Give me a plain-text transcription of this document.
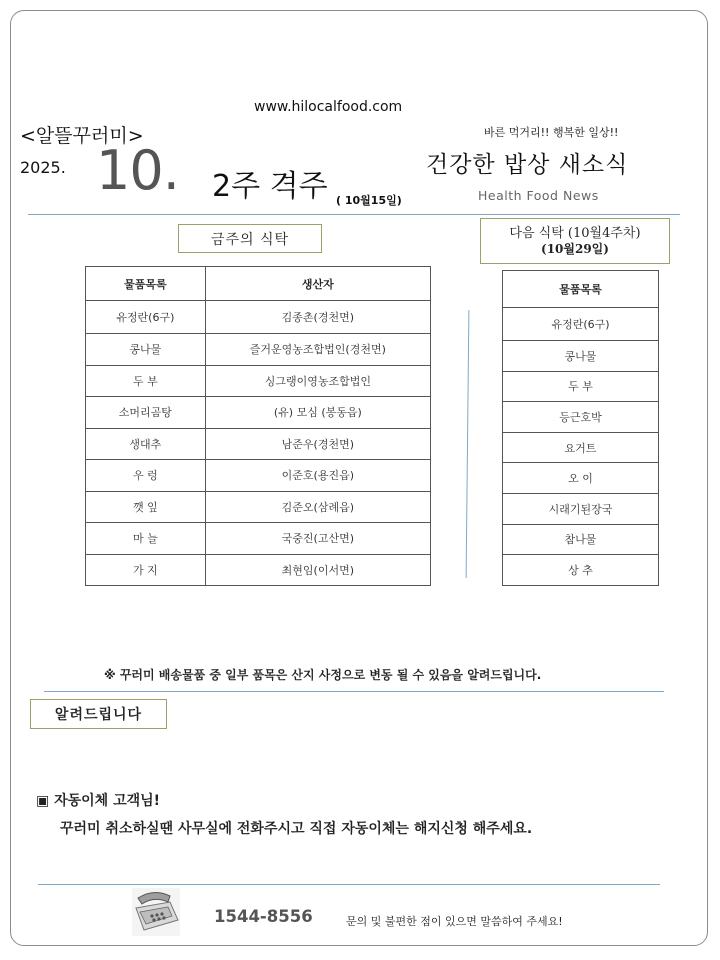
www.hilocalfood.com
<알뜰꾸러미>
2025. 10. 2주 격주 ( 10월15일)
바른 먹거리!! 행복한 일상!!
건강한 밥상 새소식
Health Food News
금주의 식탁	다음 식탁 (10월4주차)
(10월29일)
물품목록	생산자
유정란(6구)	김종촌(경천면)
콩나물	즐거운영농조합법인(경천면)
두 부	싱그랭이영농조합법인
소머리곰탕	(유) 모심 (봉동읍)
생대추	남준우(경천면)
우 렁	이준호(용진읍)
깻 잎	김준오(삼례읍)
마 늘	국중진(고산면)
가 지	최현임(이서면)
물품목록
유정란(6구)
콩나물
두 부
등근호박
요거트
오 이
시래기된장국
참나물
상 추
※ 꾸러미 배송물품 중 일부 품목은 산지 사정으로 변동 될 수 있음을 알려드립니다.
알려드립니다
▣ 자동이체 고객님!
꾸러미 취소하실땐 사무실에 전화주시고 직접 자동이체는 해지신청 해주세요.
1544-8556	문의 및 불편한 점이 있으면 말씀하여 주세요!
